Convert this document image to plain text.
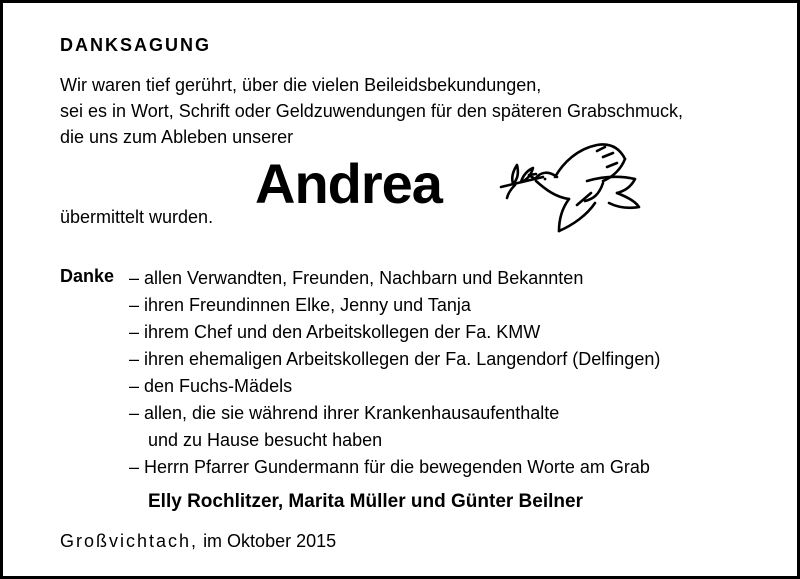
DANKSAGUNG
Wir waren tief gerührt, über die vielen Beileidsbekundungen,
sei es in Wort, Schrift oder Geldzuwendungen für den späteren Grabschmuck,
die uns zum Ableben unserer
Andrea
übermittelt wurden.
Danke – allen Verwandten, Freunden, Nachbarn und Bekannten
– ihren Freundinnen Elke, Jenny und Tanja
– ihrem Chef und den Arbeitskollegen der Fa. KMW
– ihren ehemaligen Arbeitskollegen der Fa. Langendorf (Delfingen)
– den Fuchs-Mädels
– allen, die sie während ihrer Krankenhausaufenthalte
und zu Hause besucht haben
– Herrn Pfarrer Gundermann für die bewegenden Worte am Grab
Elly Rochlitzer, Marita Müller und Günter Beilner
Großvichtach, im Oktober 2015
